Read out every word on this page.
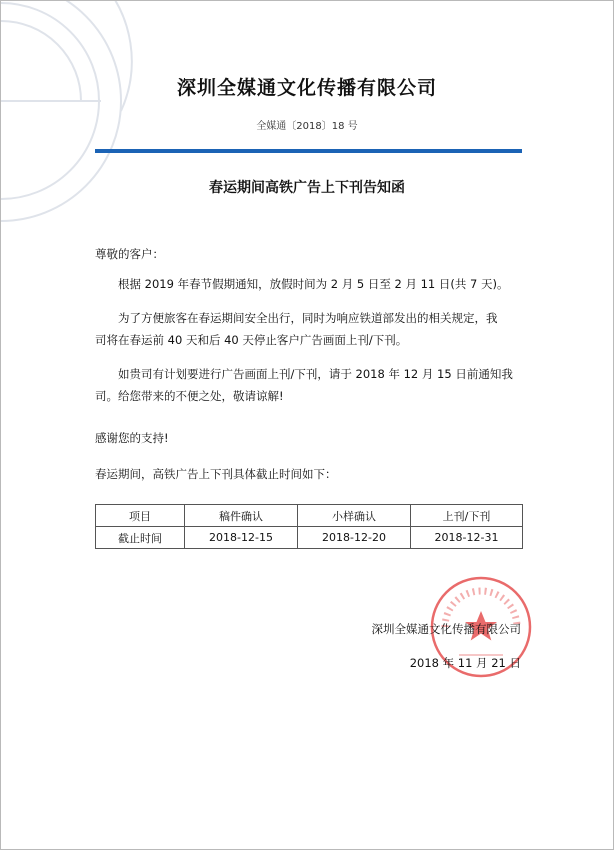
深圳全媒通文化传播有限公司
全媒通〔2018〕18 号
春运期间高铁广告上下刊告知函
尊敬的客户：
根据 2019 年春节假期通知，放假时间为 2 月 5 日至 2 月 11 日(共 7 天)。
为了方便旅客在春运期间安全出行，同时为响应铁道部发出的相关规定，我
司将在春运前 40 天和后 40 天停止客户广告画面上刊/下刊。
如贵司有计划要进行广告画面上刊/下刊，请于 2018 年 12 月 15 日前通知我
司。给您带来的不便之处，敬请谅解!
感谢您的支持!
春运期间，高铁广告上下刊具体截止时间如下：
项目	稿件确认	小样确认	上刊/下刊
截止时间	2018-12-15	2018-12-20	2018-12-31
深圳全媒通文化传播有限公司
2018 年 11 月 21 日
